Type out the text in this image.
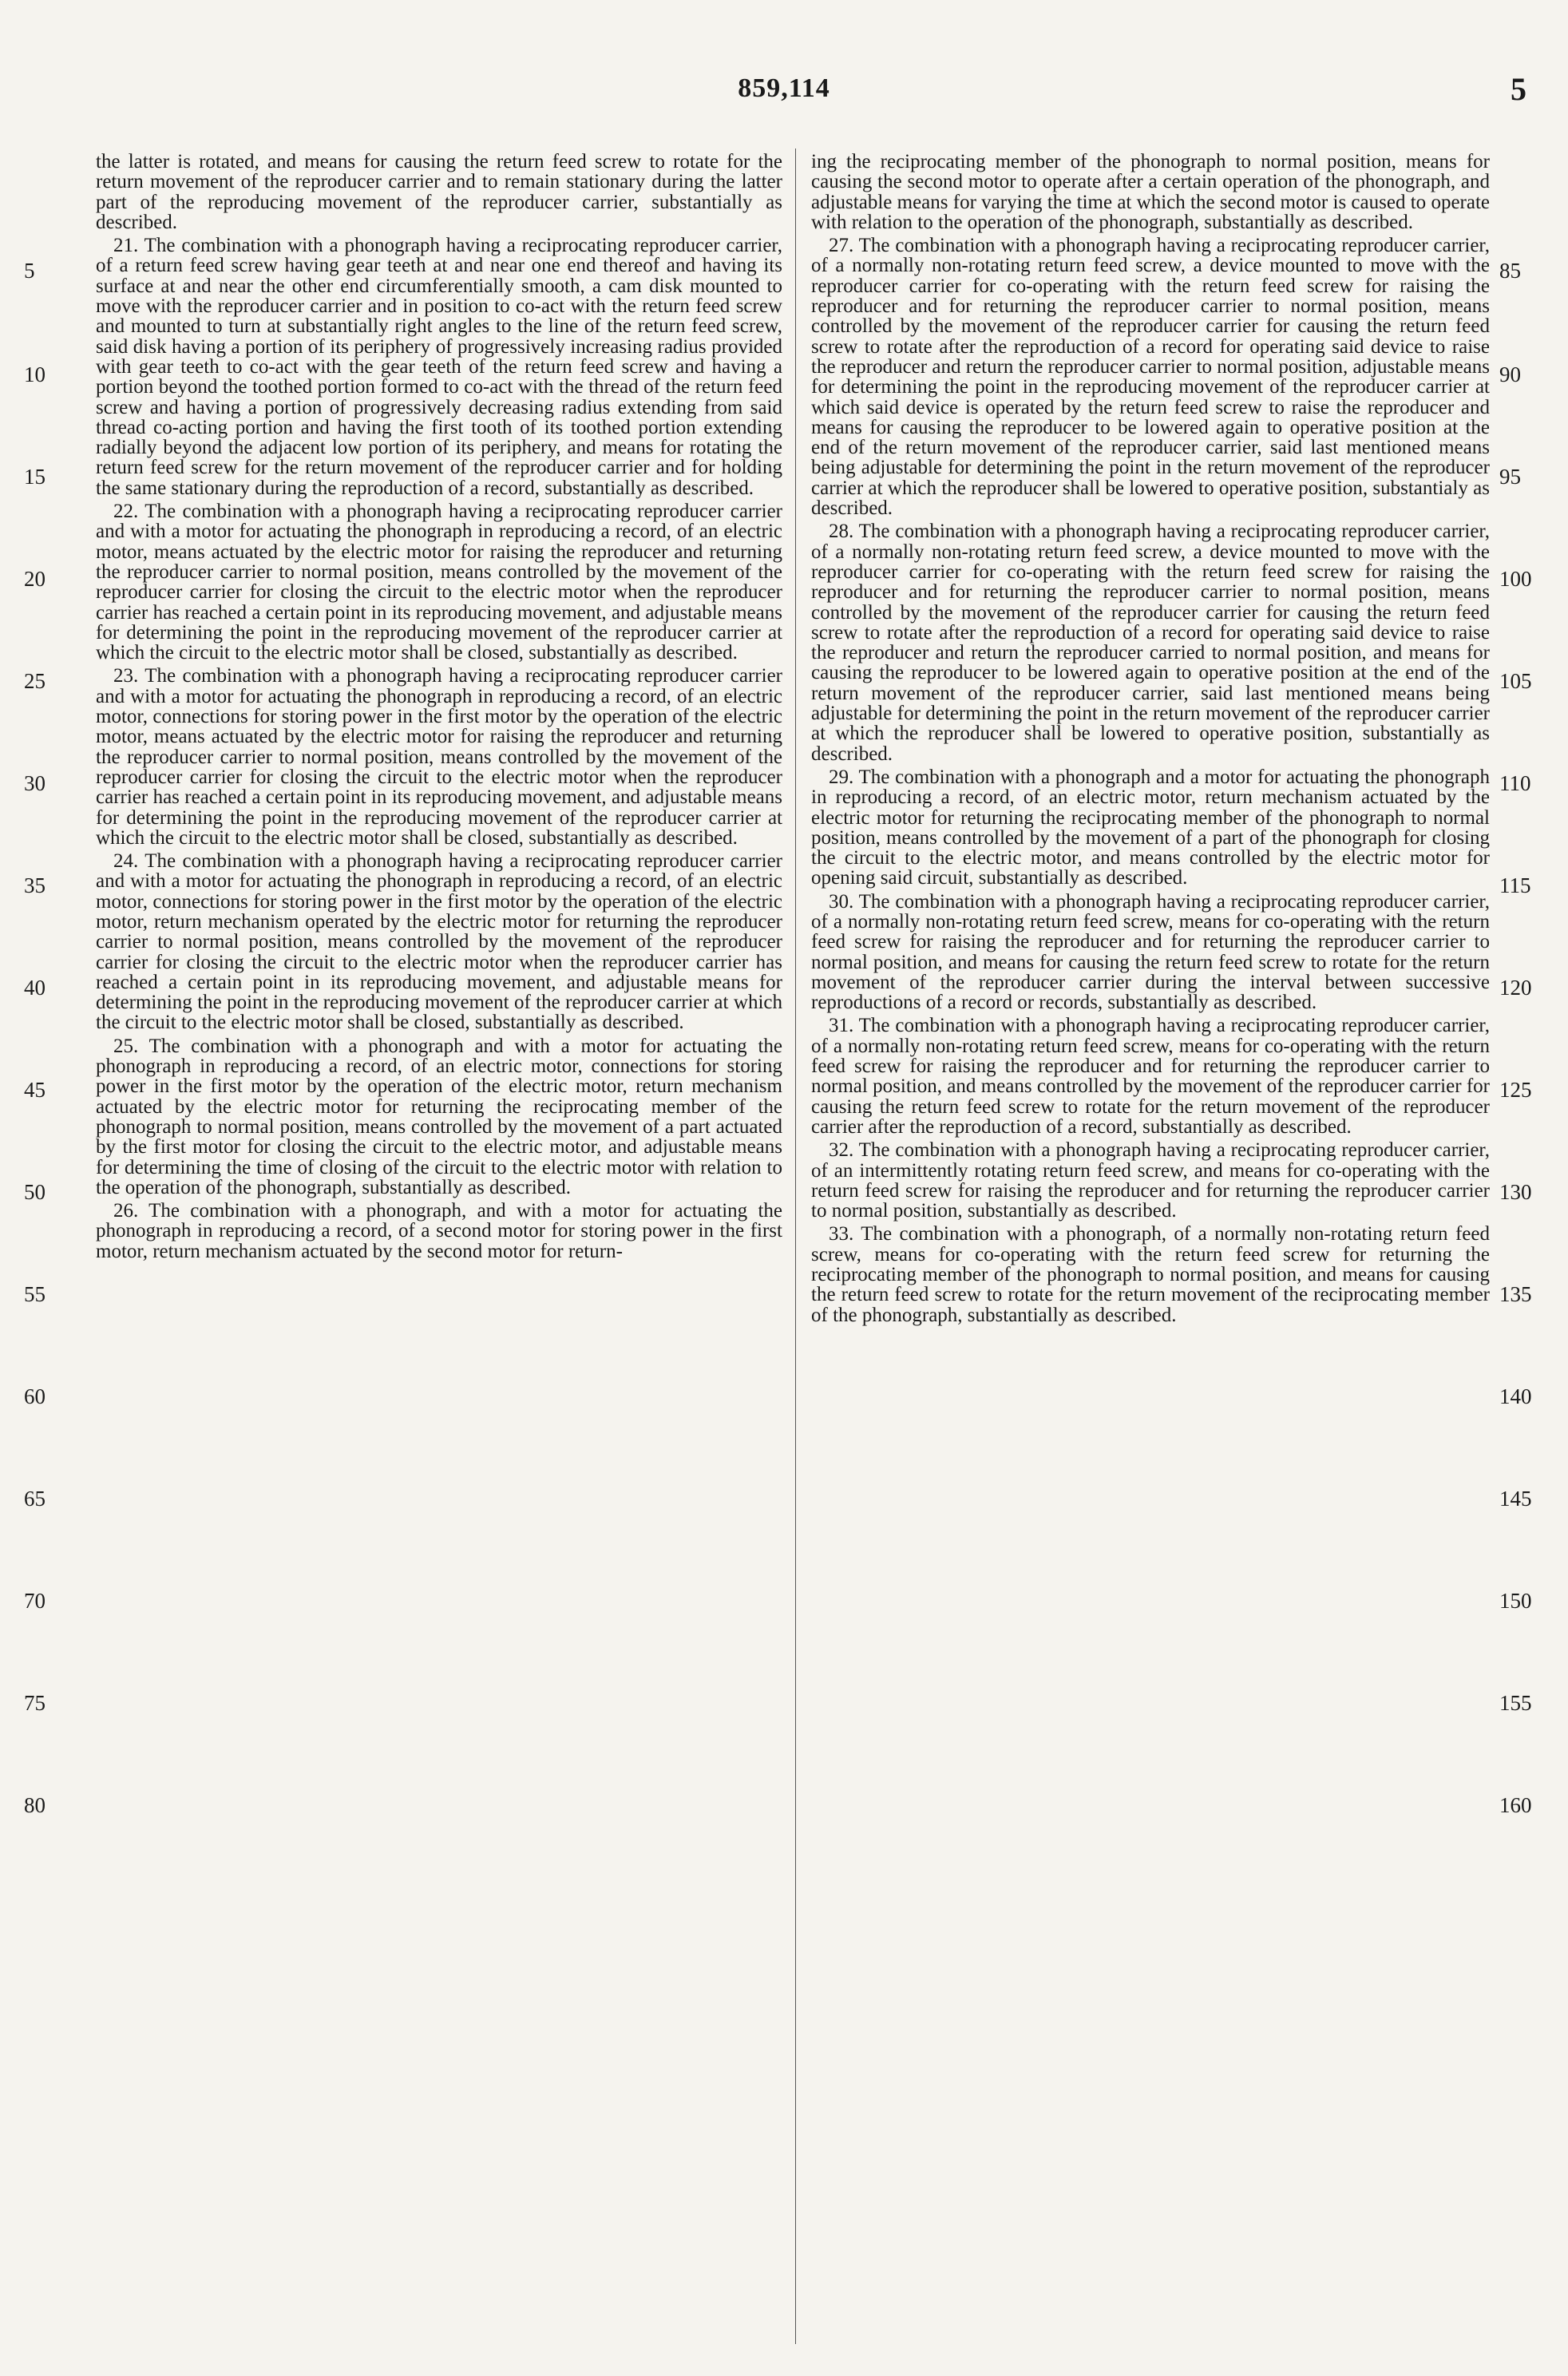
859,114	5

the latter is rotated, and means for causing the return feed screw to rotate for the return movement of the reproducer carrier and to remain stationary during the latter part of the reproducing movement of the reproducer carrier, substantially as described.

21. The combination with a phonograph having a reciprocating reproducer carrier, of a return feed screw having gear teeth at and near one end thereof and having its surface at and near the other end circumferentially smooth, a cam disk mounted to move with the reproducer carrier and in position to co-act with the return feed screw and mounted to turn at substantially right angles to the line of the return feed screw, said disk having a portion of its periphery of progressively increasing radius provided with gear teeth to co-act with the gear teeth of the return feed screw and having a portion beyond the toothed portion formed to co-act with the thread of the return feed screw and having a portion of progressively decreasing radius extending from said thread co-acting portion and having the first tooth of its toothed portion extending radially beyond the adjacent low portion of its periphery, and means for rotating the return feed screw for the return movement of the reproducer carrier and for holding the same stationary during the reproduction of a record, substantially as described.

22. The combination with a phonograph having a reciprocating reproducer carrier and with a motor for actuating the phonograph in reproducing a record, of an electric motor, means actuated by the electric motor for raising the reproducer and returning the reproducer carrier to normal position, means controlled by the movement of the reproducer carrier for closing the circuit to the electric motor when the reproducer carrier has reached a certain point in its reproducing movement, and adjustable means for determining the point in the reproducing movement of the reproducer carrier at which the circuit to the electric motor shall be closed, substantially as described.

23. The combination with a phonograph having a reciprocating reproducer carrier and with a motor for actuating the phonograph in reproducing a record, of an electric motor, connections for storing power in the first motor by the operation of the electric motor, means actuated by the electric motor for raising the reproducer and returning the reproducer carrier to normal position, means controlled by the movement of the reproducer carrier for closing the circuit to the electric motor when the reproducer carrier has reached a certain point in its reproducing movement, and adjustable means for determining the point in the reproducing movement of the reproducer carrier at which the circuit to the electric motor shall be closed, substantially as described.

24. The combination with a phonograph having a reciprocating reproducer carrier and with a motor for actuating the phonograph in reproducing a record, of an electric motor, connections for storing power in the first motor by the operation of the electric motor, return mechanism operated by the electric motor for returning the reproducer carrier to normal position, means controlled by the movement of the reproducer carrier for closing the circuit to the electric motor when the reproducer carrier has reached a certain point in its reproducing movement, and adjustable means for determining the point in the reproducing movement of the reproducer carrier at which the circuit to the electric motor shall be closed, substantially as described.

25. The combination with a phonograph and with a motor for actuating the phonograph in reproducing a record, of an electric motor, connections for storing power in the first motor by the operation of the electric motor, return mechanism actuated by the electric motor for returning the reciprocating member of the phonograph to normal position, means controlled by the movement of a part actuated by the first motor for closing the circuit to the electric motor, and adjustable means for determining the time of closing of the circuit to the electric motor with relation to the operation of the phonograph, substantially as described.

26. The combination with a phonograph, and with a motor for actuating the phonograph in reproducing a record, of a second motor for storing power in the first motor, return mechanism actuated by the second motor for return-

ing the reciprocating member of the phonograph to normal position, means for causing the second motor to operate after a certain operation of the phonograph, and adjustable means for varying the time at which the second motor is caused to operate with relation to the operation of the phonograph, substantially as described.

27. The combination with a phonograph having a reciprocating reproducer carrier, of a normally non-rotating return feed screw, a device mounted to move with the reproducer carrier for co-operating with the return feed screw for raising the reproducer and for returning the reproducer carrier to normal position, means controlled by the movement of the reproducer carrier for causing the return feed screw to rotate after the reproduction of a record for operating said device to raise the reproducer and return the reproducer carrier to normal position, adjustable means for determining the point in the reproducing movement of the reproducer carrier at which said device is operated by the return feed screw to raise the reproducer and means for causing the reproducer to be lowered again to operative position at the end of the return movement of the reproducer carrier, said last mentioned means being adjustable for determining the point in the return movement of the reproducer carrier at which the reproducer shall be lowered to operative position, substantialy as described.

28. The combination with a phonograph having a reciprocating reproducer carrier, of a normally non-rotating return feed screw, a device mounted to move with the reproducer carrier for co-operating with the return feed screw for raising the reproducer and for returning the reproducer carrier to normal position, means controlled by the movement of the reproducer carrier for causing the return feed screw to rotate after the reproduction of a record for operating said device to raise the reproducer and return the reproducer carried to normal position, and means for causing the reproducer to be lowered again to operative position at the end of the return movement of the reproducer carrier, said last mentioned means being adjustable for determining the point in the return movement of the reproducer carrier at which the reproducer shall be lowered to operative position, substantially as described.

29. The combination with a phonograph and a motor for actuating the phonograph in reproducing a record, of an electric motor, return mechanism actuated by the electric motor for returning the reciprocating member of the phonograph to normal position, means controlled by the movement of a part of the phonograph for closing the circuit to the electric motor, and means controlled by the electric motor for opening said circuit, substantially as described.

30. The combination with a phonograph having a reciprocating reproducer carrier, of a normally non-rotating return feed screw, means for co-operating with the return feed screw for raising the reproducer and for returning the reproducer carrier to normal position, and means for causing the return feed screw to rotate for the return movement of the reproducer carrier during the interval between successive reproductions of a record or records, substantially as described.

31. The combination with a phonograph having a reciprocating reproducer carrier, of a normally non-rotating return feed screw, means for co-operating with the return feed screw for raising the reproducer and for returning the reproducer carrier to normal position, and means controlled by the movement of the reproducer carrier for causing the return feed screw to rotate for the return movement of the reproducer carrier after the reproduction of a record, substantially as described.

32. The combination with a phonograph having a reciprocating reproducer carrier, of an intermittently rotating return feed screw, and means for co-operating with the return feed screw for raising the reproducer and for returning the reproducer carrier to normal position, substantially as described.

33. The combination with a phonograph, of a normally non-rotating return feed screw, means for co-operating with the return feed screw for returning the reciprocating member of the phonograph to normal position, and means for causing the return feed screw to rotate for the return movement of the reciprocating member of the phonograph, substantially as described.

5
10
15
20
25
30
35
40
45
50
55
60
65
70
75
80
85
90
95
100
105
110
115
120
125
130
135
140
145
150
155
160
